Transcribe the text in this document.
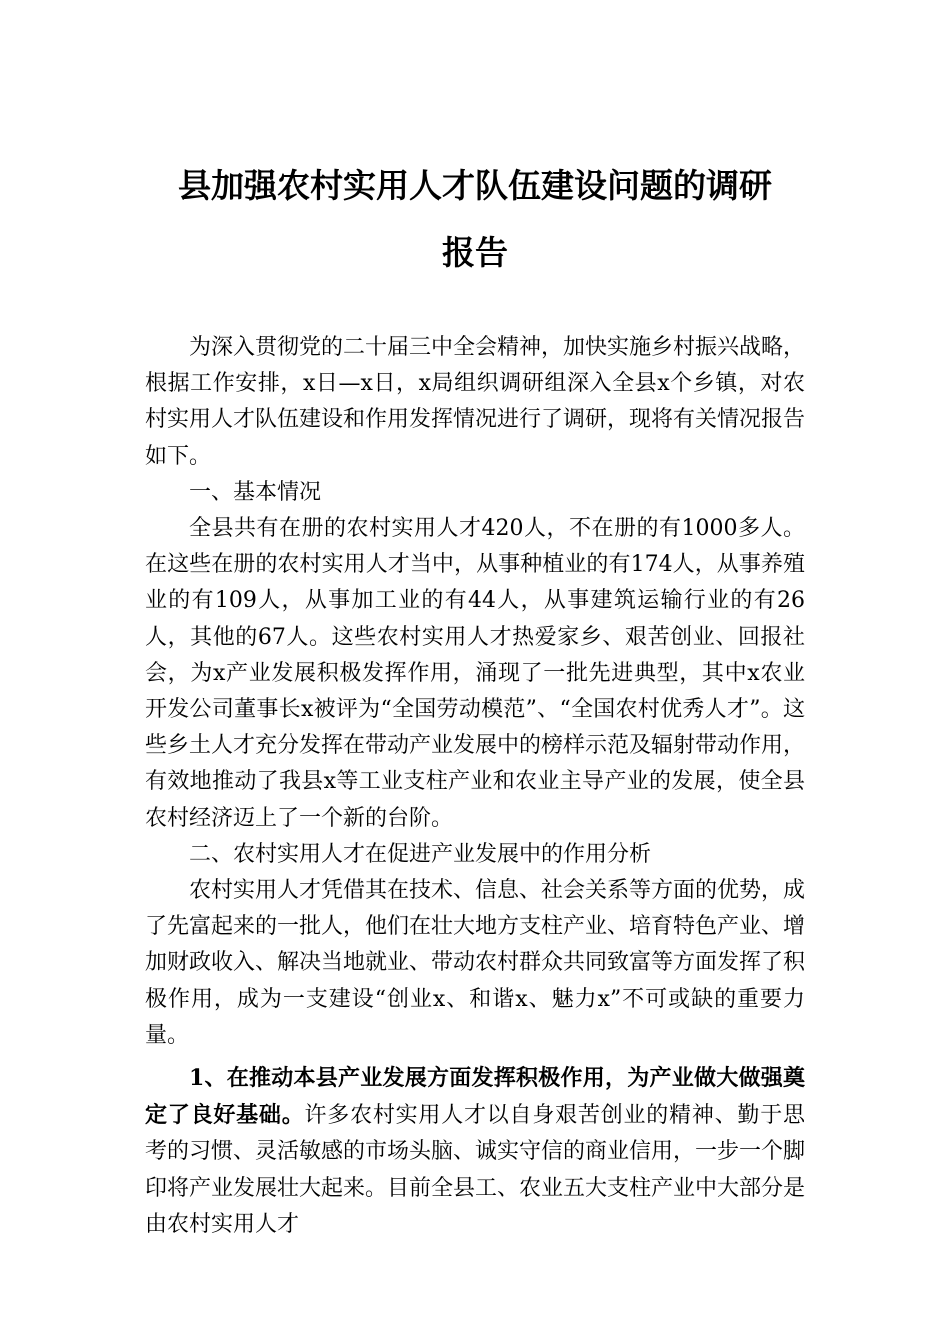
县加强农村实用人才队伍建设问题的调研
报告

为深入贯彻党的二十届三中全会精神，加快实施乡村振兴战略，根据工作安排，x日—x日，x局组织调研组深入全县x个乡镇，对农村实用人才队伍建设和作用发挥情况进行了调研，现将有关情况报告如下。

一、基本情况

全县共有在册的农村实用人才420人，不在册的有1000多人。在这些在册的农村实用人才当中，从事种植业的有174人，从事养殖业的有109人，从事加工业的有44人，从事建筑运输行业的有26人，其他的67人。这些农村实用人才热爱家乡、艰苦创业、回报社会，为x产业发展积极发挥作用，涌现了一批先进典型，其中x农业开发公司董事长x被评为“全国劳动模范”、“全国农村优秀人才”。这些乡土人才充分发挥在带动产业发展中的榜样示范及辐射带动作用，有效地推动了我县x等工业支柱产业和农业主导产业的发展，使全县农村经济迈上了一个新的台阶。

二、农村实用人才在促进产业发展中的作用分析

农村实用人才凭借其在技术、信息、社会关系等方面的优势，成了先富起来的一批人，他们在壮大地方支柱产业、培育特色产业、增加财政收入、解决当地就业、带动农村群众共同致富等方面发挥了积极作用，成为一支建设“创业x、和谐x、魅力x”不可或缺的重要力量。

1、在推动本县产业发展方面发挥积极作用，为产业做大做强奠定了良好基础。许多农村实用人才以自身艰苦创业的精神、勤于思考的习惯、灵活敏感的市场头脑、诚实守信的商业信用，一步一个脚印将产业发展壮大起来。目前全县工、农业五大支柱产业中大部分是由农村实用人才
